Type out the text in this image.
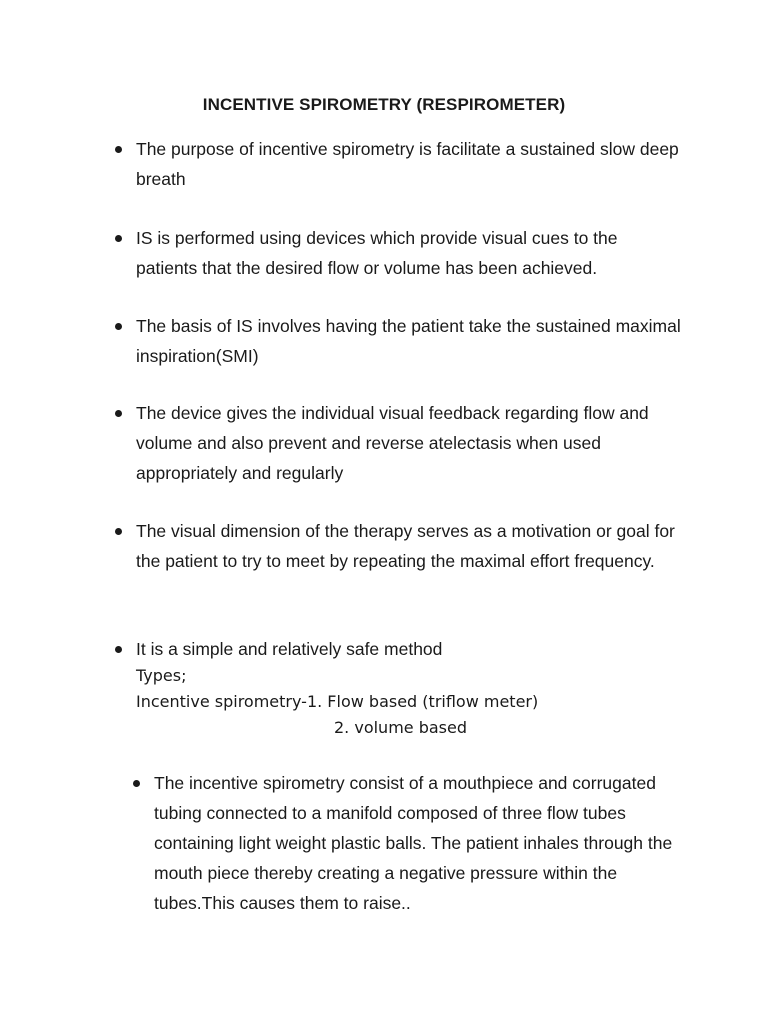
INCENTIVE SPIROMETRY (RESPIROMETER)
The purpose of incentive spirometry is facilitate a sustained slow deep breath
IS is performed using devices which provide visual cues to the patients that the desired flow or volume has been achieved.
The basis of IS involves having the patient take the sustained maximal inspiration(SMI)
The device gives the individual visual feedback regarding flow and volume and also prevent and reverse atelectasis when used appropriately and regularly
The visual dimension of the therapy serves as a motivation or goal for the patient to try to meet by repeating the maximal effort frequency.
It is a simple and relatively safe method
Types;
Incentive spirometry-1. Flow based (triflow meter)
2. volume based
The incentive spirometry consist of a mouthpiece and corrugated tubing connected to a manifold composed of three flow tubes containing light weight plastic balls. The patient inhales through the mouth piece thereby creating a negative pressure within the tubes.This causes them to raise..
